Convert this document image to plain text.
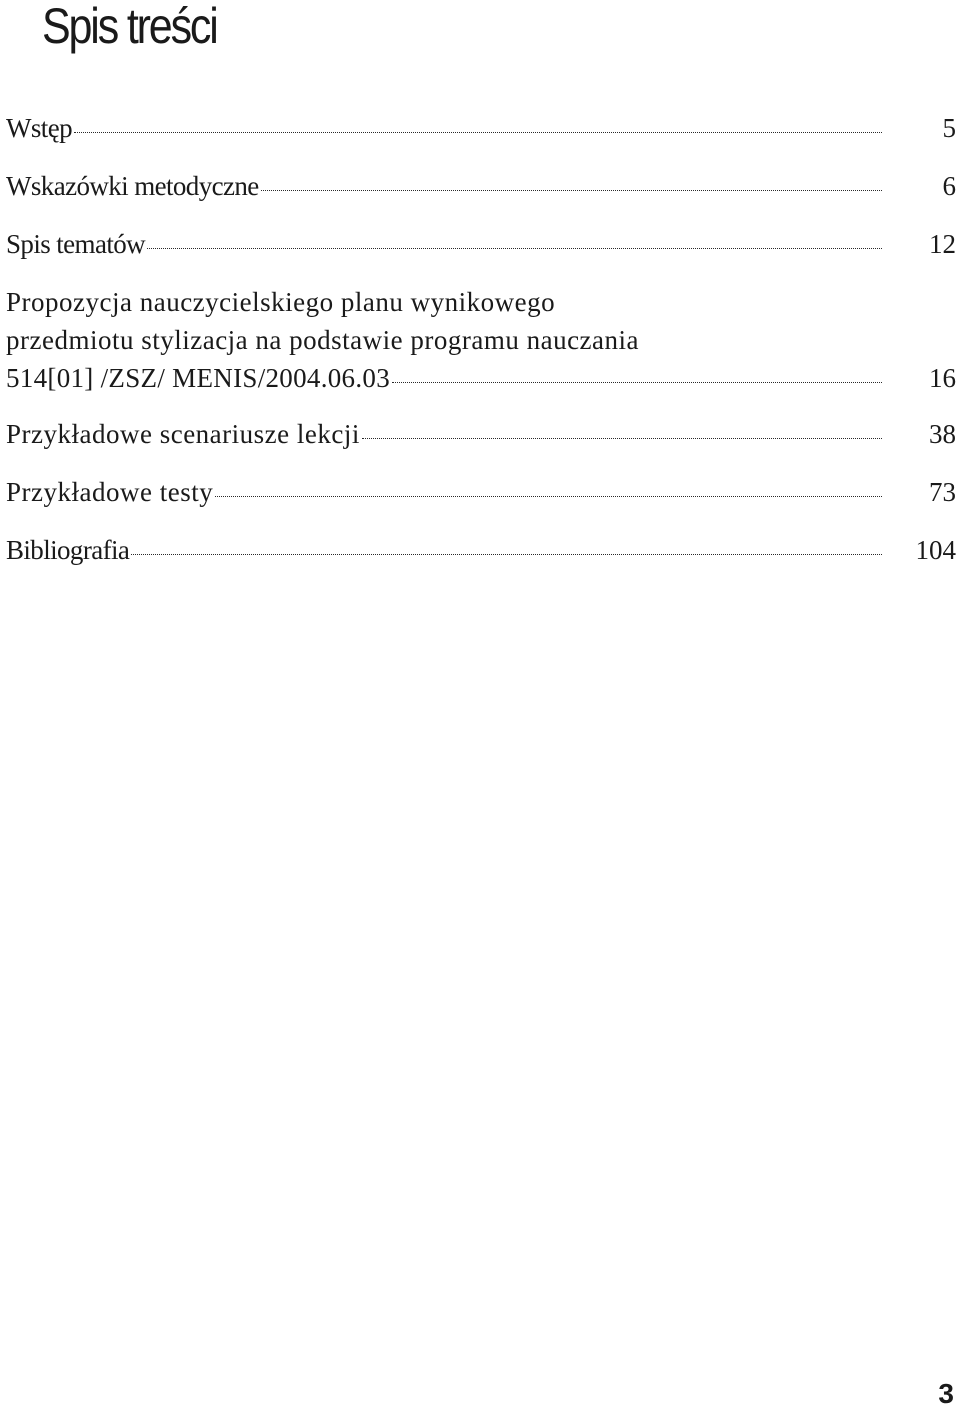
Spis treści
Wstęp	5
Wskazówki metodyczne	6
Spis tematów	12
Propozycja nauczycielskiego planu wynikowego
przedmiotu stylizacja na podstawie programu nauczania
514[01] /ZSZ/ MENIS/2004.06.03	16
Przykładowe scenariusze lekcji	38
Przykładowe testy	73
Bibliografia	104
3
